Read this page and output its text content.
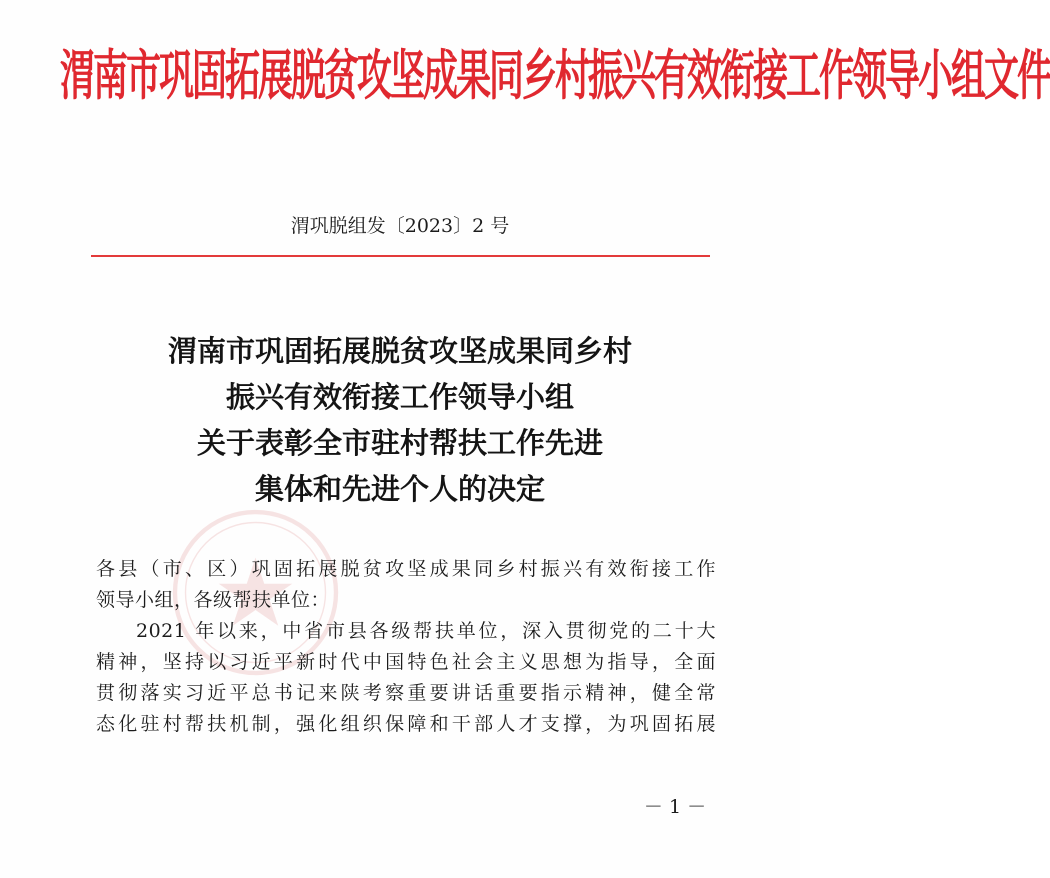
渭南市巩固拓展脱贫攻坚成果同乡村振兴有效衔接工作领导小组文件
渭巩脱组发〔2023〕2 号
渭南市巩固拓展脱贫攻坚成果同乡村
振兴有效衔接工作领导小组
关于表彰全市驻村帮扶工作先进
集体和先进个人的决定
各县（市、区）巩固拓展脱贫攻坚成果同乡村振兴有效衔接工作
领导小组，各级帮扶单位：
2021 年以来，中省市县各级帮扶单位，深入贯彻党的二十大
精神，坚持以习近平新时代中国特色社会主义思想为指导，全面
贯彻落实习近平总书记来陕考察重要讲话重要指示精神，健全常
态化驻村帮扶机制，强化组织保障和干部人才支撑，为巩固拓展
－ 1 －
